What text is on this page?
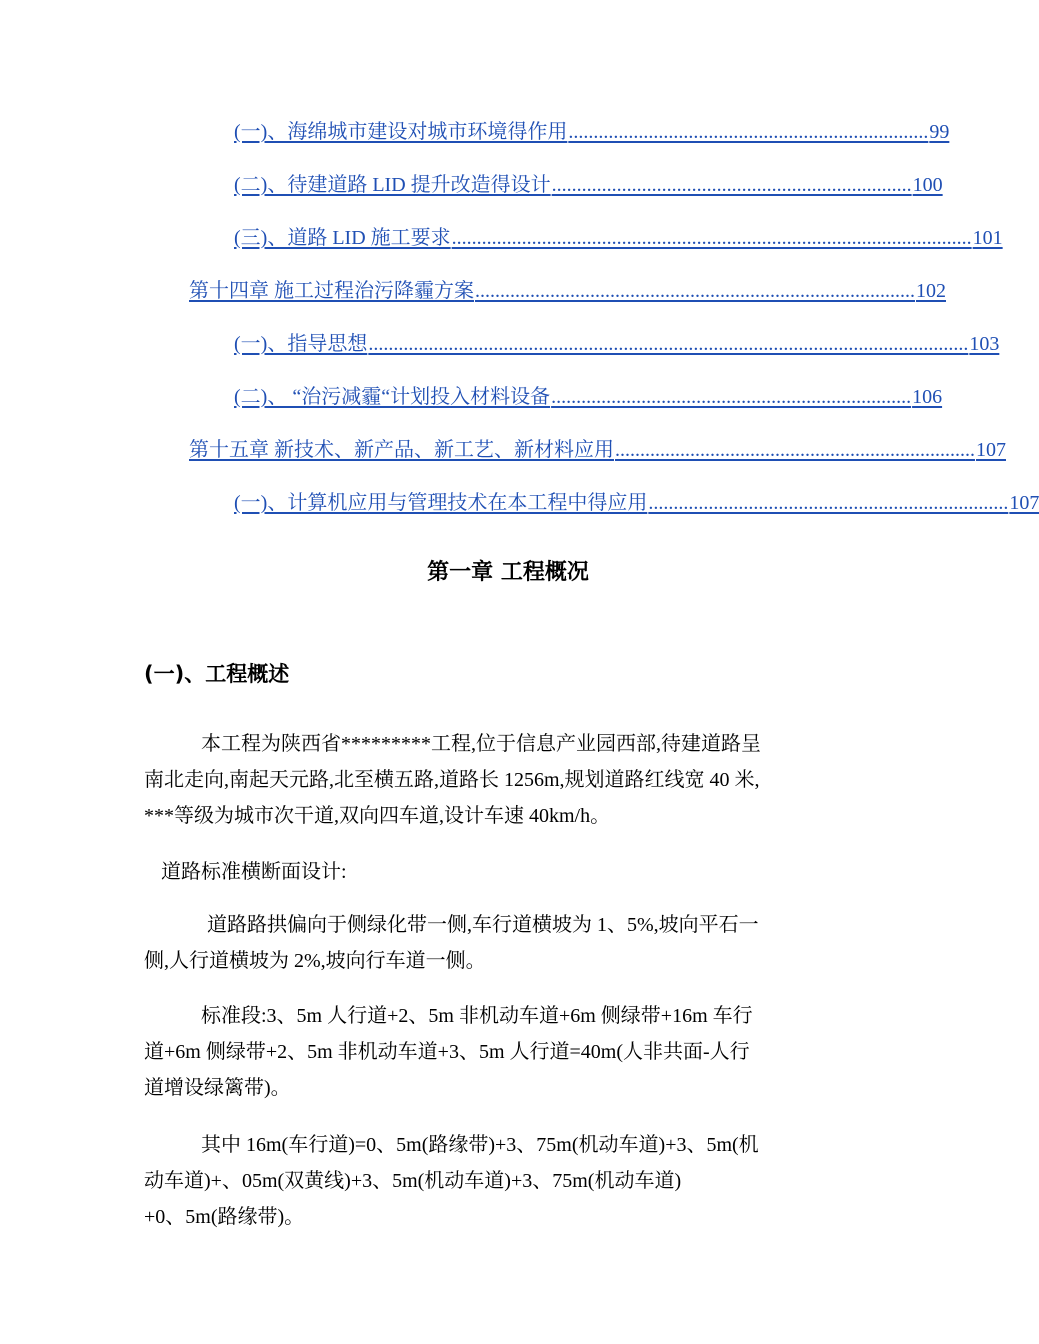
(一)、海绵城市建设对城市环境得作用 ........................................................................ 99
(二)、待建道路 LID 提升改造得设计 ........................................................................ 100
(三)、道路 LID 施工要求 ........................................................................................................ 101
第十四章 施工过程治污降霾方案 ........................................................................................ 102
(一)、指导思想 ........................................................................................................................ 103
(二)、 “治污减霾“计划投入材料设备 ........................................................................ 106
第十五章 新技术、新产品、新工艺、新材料应用 ........................................................................ 107
(一)、计算机应用与管理技术在本工程中得应用 ........................................................................ 107
第一章 工程概况
(一)、工程概述
本工程为陕西省*********工程,位于信息产业园西部,待建道路呈
南北走向,南起天元路,北至横五路,道路长 1256m,规划道路红线宽 40 米,
***等级为城市次干道,双向四车道,设计车速 40km/h。
道路标准横断面设计:
道路路拱偏向于侧绿化带一侧,车行道横坡为 1、5%,坡向平石一
侧,人行道横坡为 2%,坡向行车道一侧。
标准段:3、5m 人行道+2、5m 非机动车道+6m 侧绿带+16m 车行
道+6m 侧绿带+2、5m 非机动车道+3、5m 人行道=40m(人非共面-人行
道增设绿篱带)。
其中 16m(车行道)=0、5m(路缘带)+3、75m(机动车道)+3、5m(机
动车道)+、05m(双黄线)+3、5m(机动车道)+3、75m(机动车道)
+0、5m(路缘带)。
